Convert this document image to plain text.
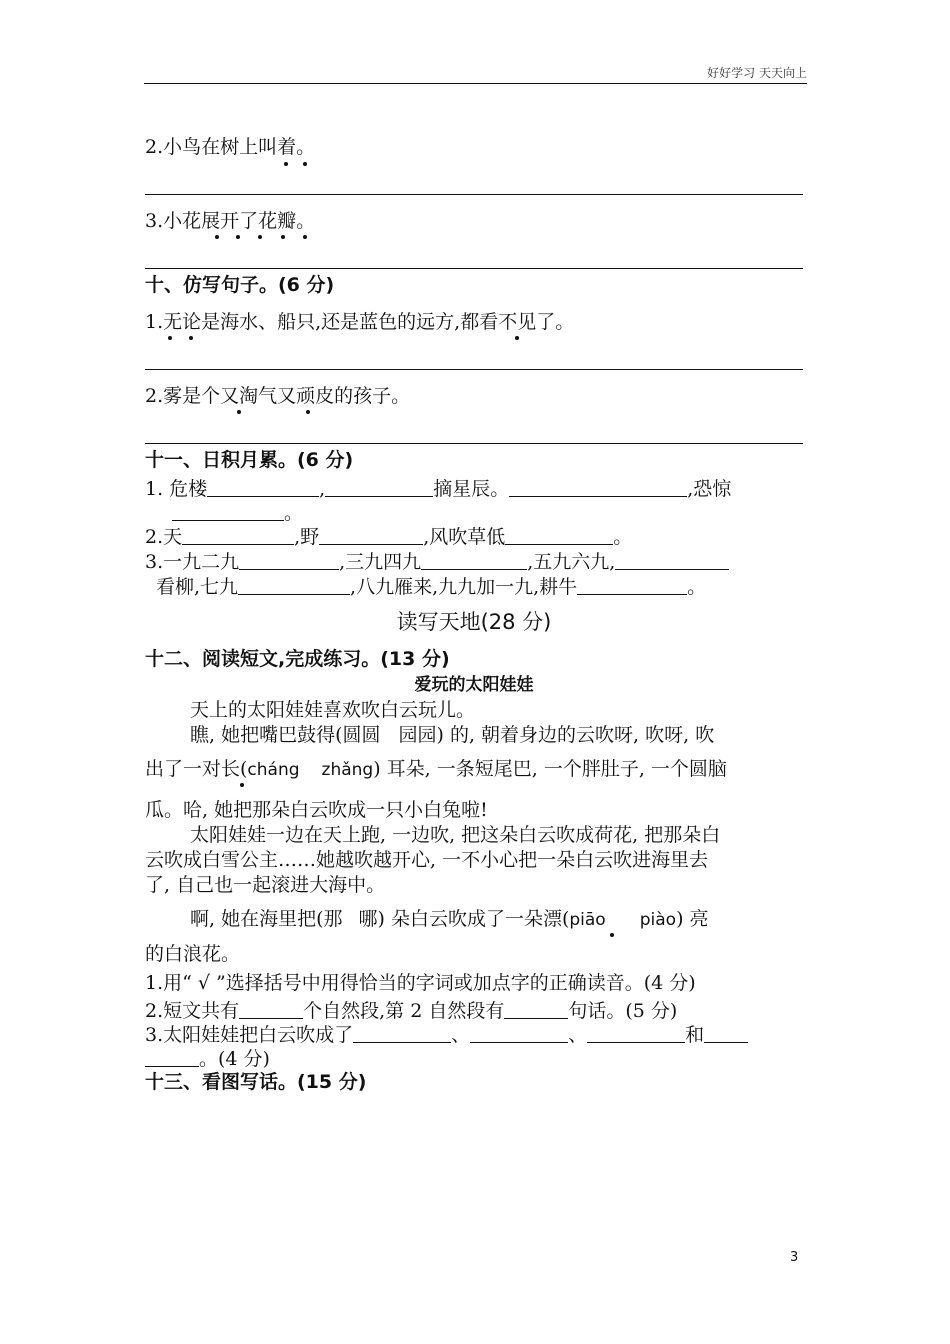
好好学习 天天向上
2.小鸟在树上叫着。
3.小花展开了花瓣。
十、仿写句子。(6 分)
1.无论是海水、船只,还是蓝色的远方,都看不见了。
2.雾是个又淘气又顽皮的孩子。
十一、日积月累。(6 分)
1. 危楼	,	摘星辰。	,恐惊
。
2.天	,野	,风吹草低	。
3.一九二九	,三九四九	,五九六九,
看柳,七九	,八九雁来,九九加一九,耕牛	。
读写天地(28 分)
十二、阅读短文,完成练习。(13 分)
爱玩的太阳娃娃
天上的太阳娃娃喜欢吹白云玩儿。
瞧, 她把嘴巴鼓得(圆圆 园园) 的, 朝着身边的云吹呀, 吹呀, 吹
出了一对长(cháng zhǎng) 耳朵, 一条短尾巴, 一个胖肚子, 一个圆脑
瓜。哈, 她把那朵白云吹成一只小白兔啦!
太阳娃娃一边在天上跑, 一边吹, 把这朵白云吹成荷花, 把那朵白
云吹成白雪公主……她越吹越开心, 一不小心把一朵白云吹进海里去
了, 自己也一起滚进大海中。
啊, 她在海里把(那 哪) 朵白云吹成了一朵漂(piāo piào) 亮
的白浪花。
1.用“ √ ”选择括号中用得恰当的字词或加点字的正确读音。(4 分)
2.短文共有	个自然段,第 2 自然段有	句话。(5 分)
3.太阳娃娃把白云吹成了	、	、	和
。(4 分)
十三、看图写话。(15 分)
3
